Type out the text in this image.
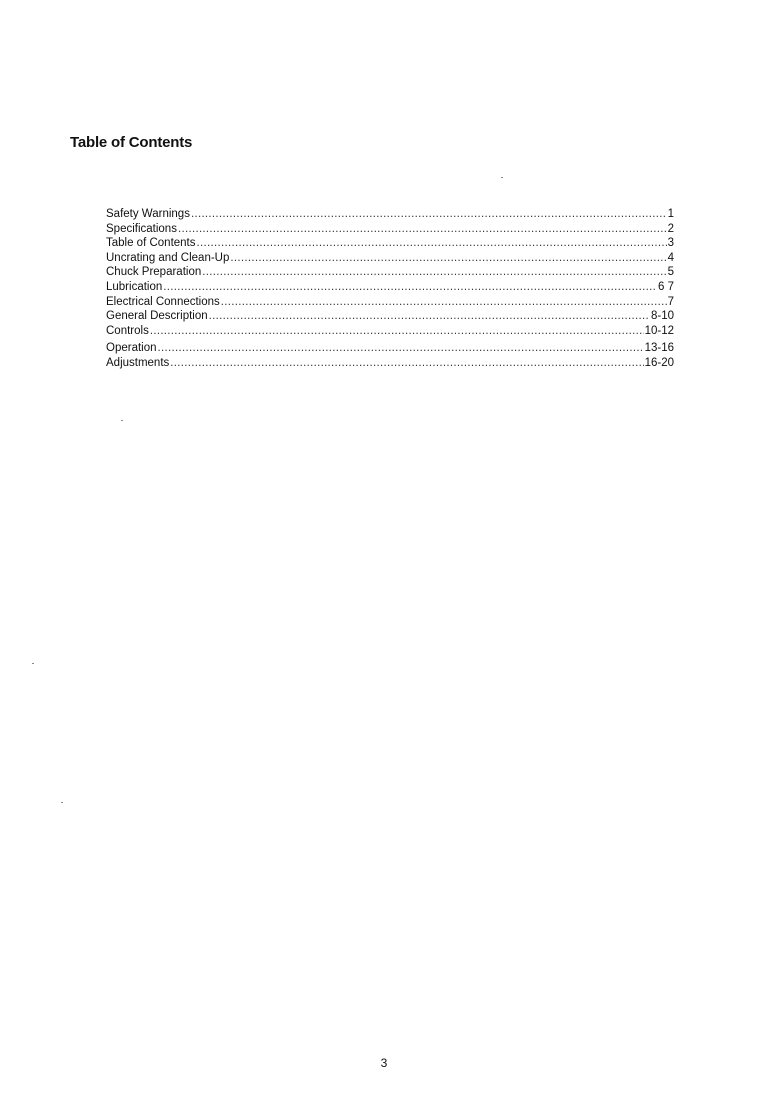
Table of Contents
Safety Warnings .....	1
Specifications .....	2
Table of Contents .....	3
Uncrating and Clean-Up .....	4
Chuck Preparation .....	5
Lubrication .....	6 7
Electrical Connections .....	7
General Description .....	8-10
Controls .....	10-12
Operation .....	13-16
Adjustments .....	16-20
3
